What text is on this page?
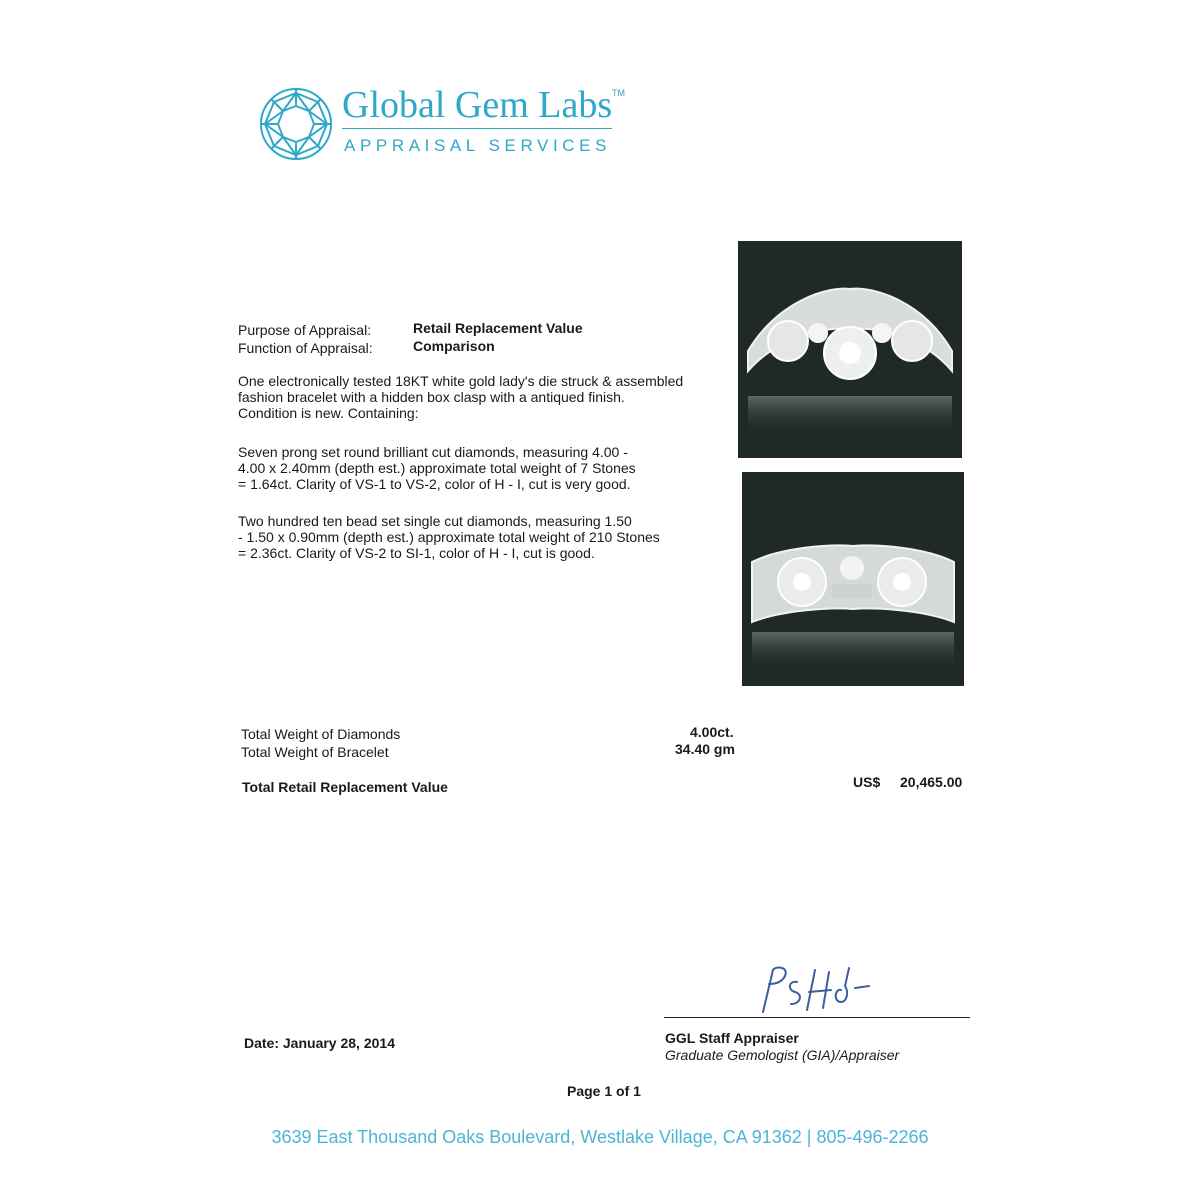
Global Gem Labs TM
APPRAISAL SERVICES
Purpose of Appraisal:	Retail Replacement Value
Function of Appraisal:	Comparison
One electronically tested 18KT white gold lady's die struck & assembled
fashion bracelet with a hidden box clasp with a antiqued finish.
Condition is new. Containing:
Seven prong set round brilliant cut diamonds, measuring 4.00 -
4.00 x 2.40mm (depth est.) approximate total weight of 7 Stones
= 1.64ct. Clarity of VS-1 to VS-2, color of H - I, cut is very good.
Two hundred ten bead set single cut diamonds, measuring 1.50
- 1.50 x 0.90mm (depth est.) approximate total weight of 210 Stones
= 2.36ct. Clarity of VS-2 to SI-1, color of H - I, cut is good.
Total Weight of Diamonds	4.00ct.
Total Weight of Bracelet	34.40 gm
Total Retail Replacement Value	US$ 20,465.00
Date: January 28, 2014	GGL Staff Appraiser
Graduate Gemologist (GIA)/Appraiser
Page 1 of 1
3639 East Thousand Oaks Boulevard, Westlake Village, CA 91362 | 805-496-2266
